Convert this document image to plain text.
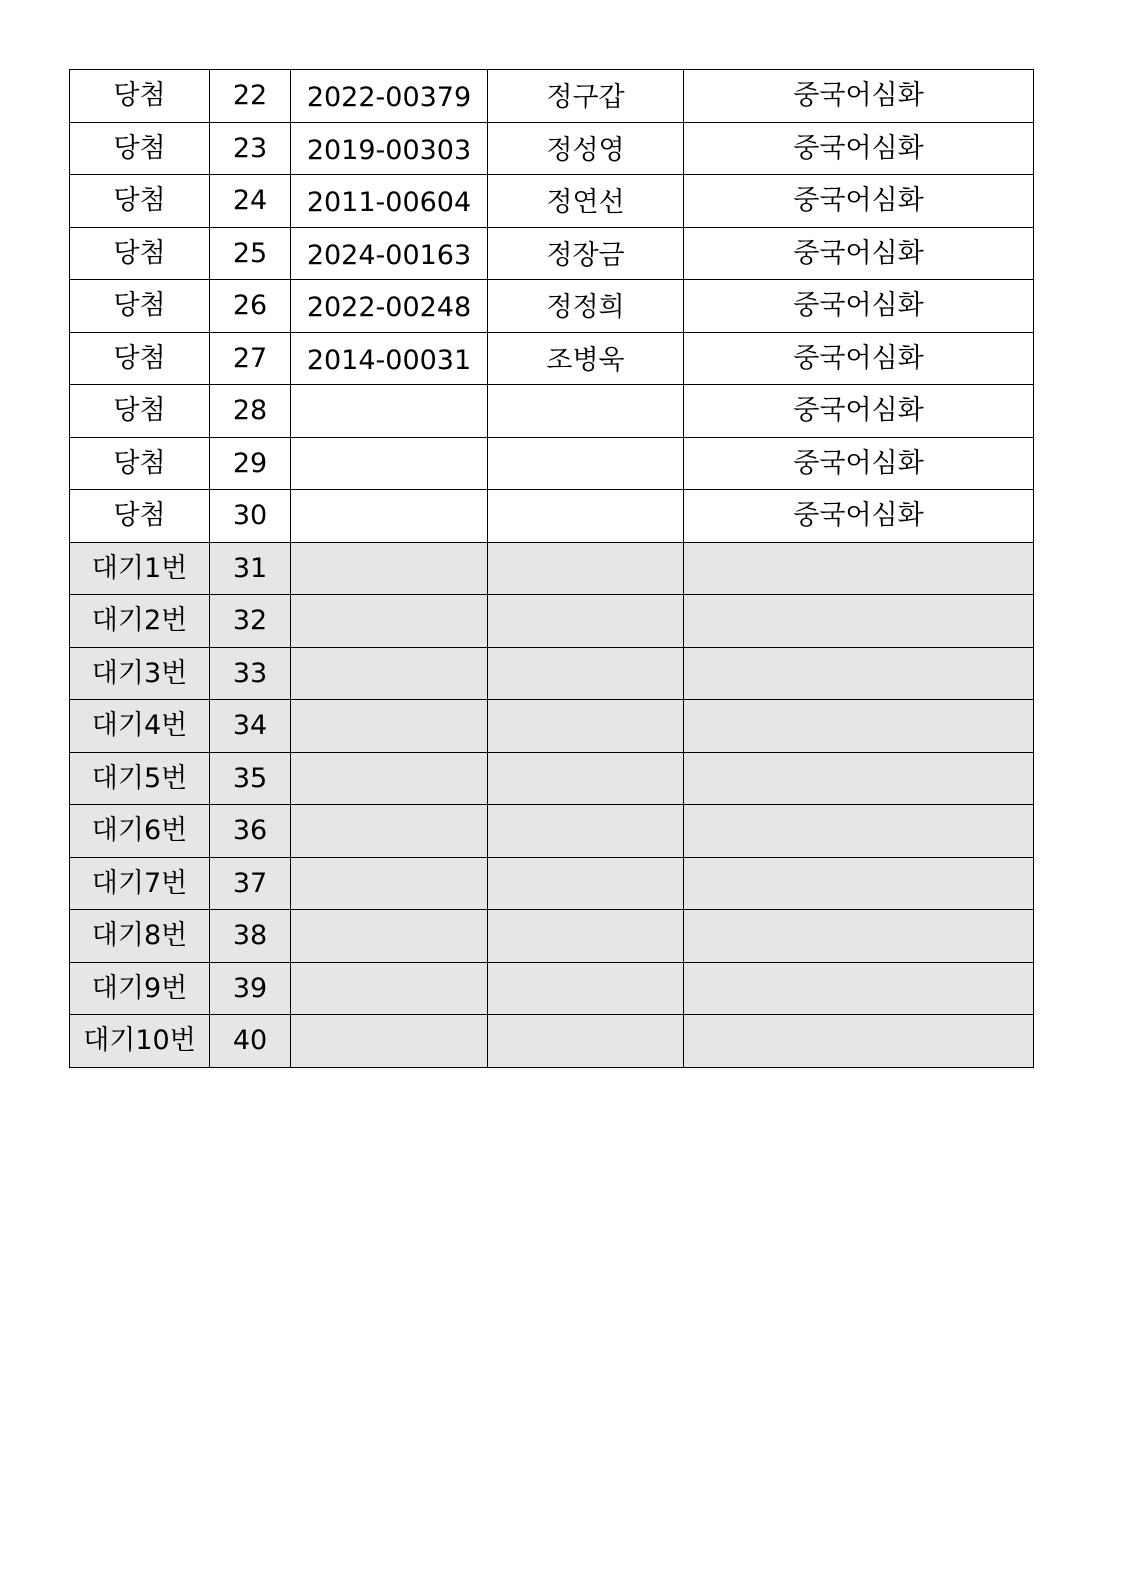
당첨	22	2022-00379	정구갑	중국어심화
당첨	23	2019-00303	정성영	중국어심화
당첨	24	2011-00604	정연선	중국어심화
당첨	25	2024-00163	정장금	중국어심화
당첨	26	2022-00248	정정희	중국어심화
당첨	27	2014-00031	조병욱	중국어심화
당첨	28			중국어심화
당첨	29			중국어심화
당첨	30			중국어심화
대기1번	31			
대기2번	32			
대기3번	33			
대기4번	34			
대기5번	35			
대기6번	36			
대기7번	37			
대기8번	38			
대기9번	39			
대기10번	40			
